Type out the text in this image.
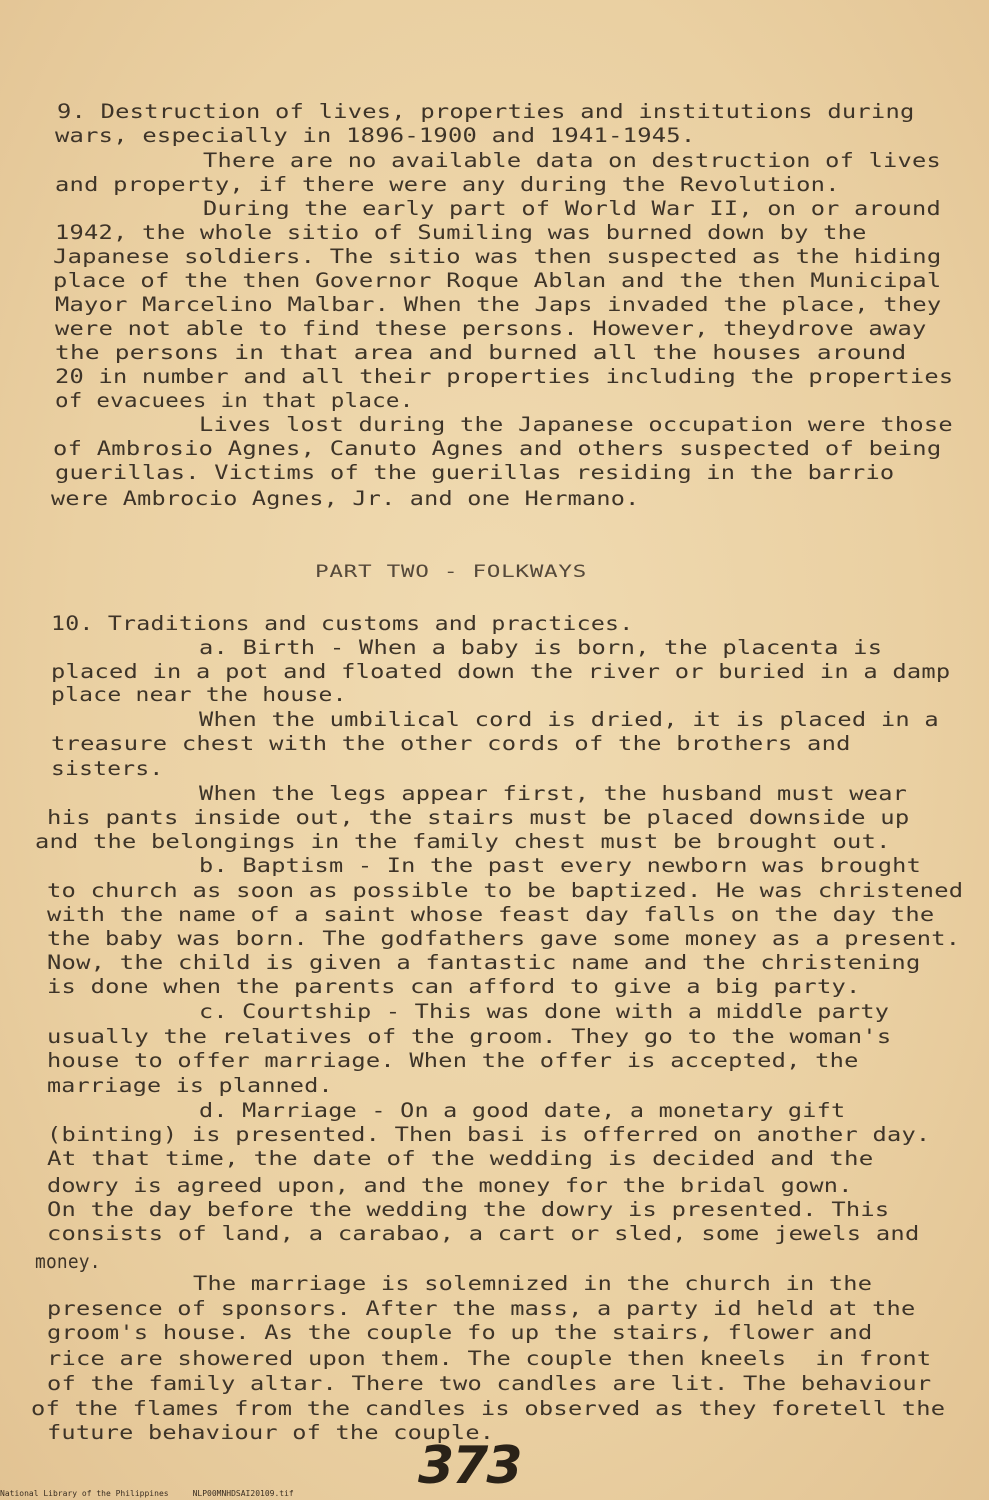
9. Destruction of lives, properties and institutions during
wars, especially in 1896-1900 and 1941-1945.
There are no available data on destruction of lives
and property, if there were any during the Revolution.
During the early part of World War II, on or around
1942, the whole sitio of Sumiling was burned down by the
Japanese soldiers. The sitio was then suspected as the hiding
place of the then Governor Roque Ablan and the then Municipal
Mayor Marcelino Malbar. When the Japs invaded the place, they
were not able to find these persons. However, theydrove away
the persons in that area and burned all the houses around
20 in number and all their properties including the properties
of evacuees in that place.
Lives lost during the Japanese occupation were those
of Ambrosio Agnes, Canuto Agnes and others suspected of being
guerillas. Victims of the guerillas residing in the barrio
were Ambrocio Agnes, Jr. and one Hermano.
PART TWO - FOLKWAYS
10. Traditions and customs and practices.
a. Birth - When a baby is born, the placenta is
placed in a pot and floated down the river or buried in a damp
place near the house.
When the umbilical cord is dried, it is placed in a
treasure chest with the other cords of the brothers and
sisters.
When the legs appear first, the husband must wear
his pants inside out, the stairs must be placed downside up
and the belongings in the family chest must be brought out.
b. Baptism - In the past every newborn was brought
to church as soon as possible to be baptized. He was christened
with the name of a saint whose feast day falls on the day the
the baby was born. The godfathers gave some money as a present.
Now, the child is given a fantastic name and the christening
is done when the parents can afford to give a big party.
c. Courtship - This was done with a middle party
usually the relatives of the groom. They go to the woman's
house to offer marriage. When the offer is accepted, the
marriage is planned.
d. Marriage - On a good date, a monetary gift
(binting) is presented. Then basi is offerred on another day.
At that time, the date of the wedding is decided and the
dowry is agreed upon, and the money for the bridal gown.
On the day before the wedding the dowry is presented. This
consists of land, a carabao, a cart or sled, some jewels and
money.
The marriage is solemnized in the church in the
presence of sponsors. After the mass, a party id held at the
groom's house. As the couple fo up the stairs, flower and
rice are showered upon them. The couple then kneels  in front
of the family altar. There two candles are lit. The behaviour
of the flames from the candles is observed as they foretell the
future behaviour of the couple.
373
National Library of the Philippines	NLP00MNHDSAI20109.tif
